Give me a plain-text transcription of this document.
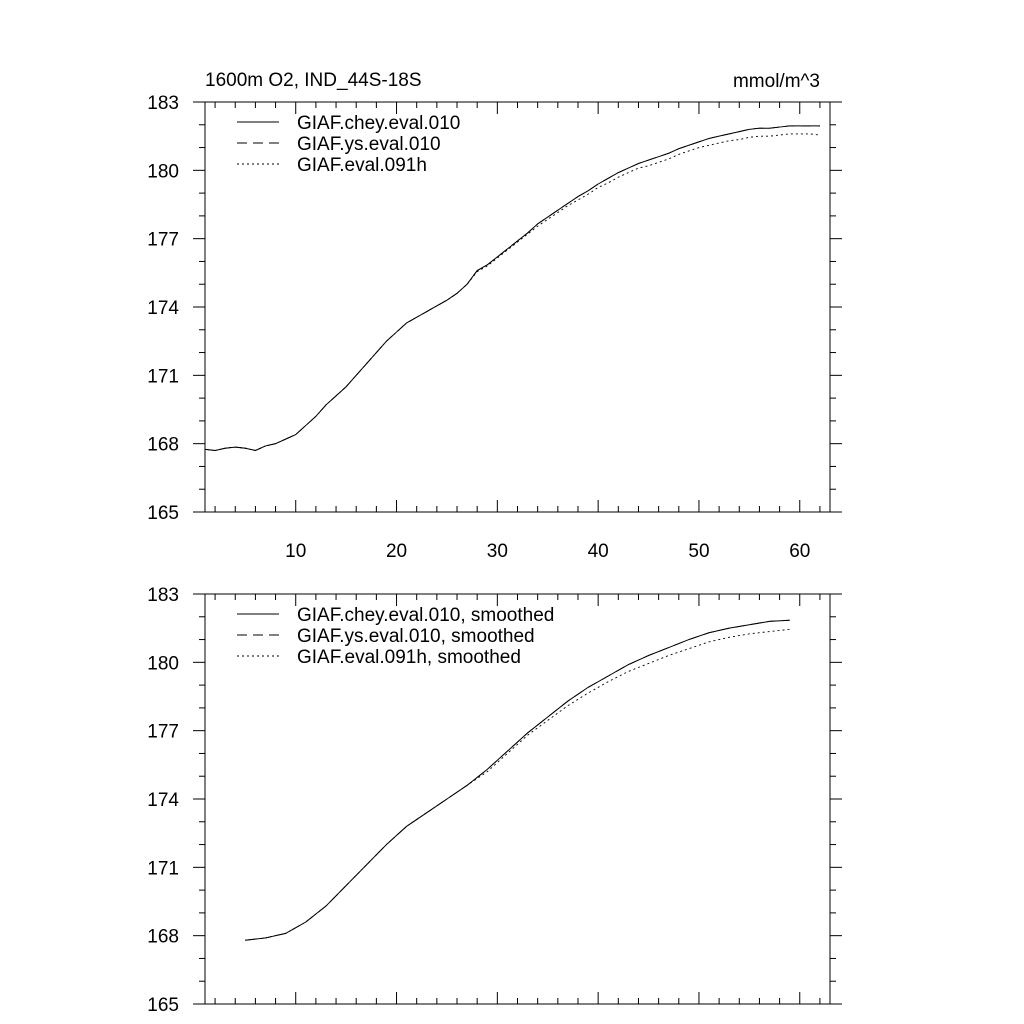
165
168
171
174
177
180
183
10	20	30	40	50	60
1600m O2, IND_44S-18S	mmol/m^3
GIAF.chey.eval.010
GIAF.ys.eval.010
GIAF.eval.091h
165
168
171
174
177
180
183
GIAF.chey.eval.010, smoothed
GIAF.ys.eval.010, smoothed
GIAF.eval.091h, smoothed
